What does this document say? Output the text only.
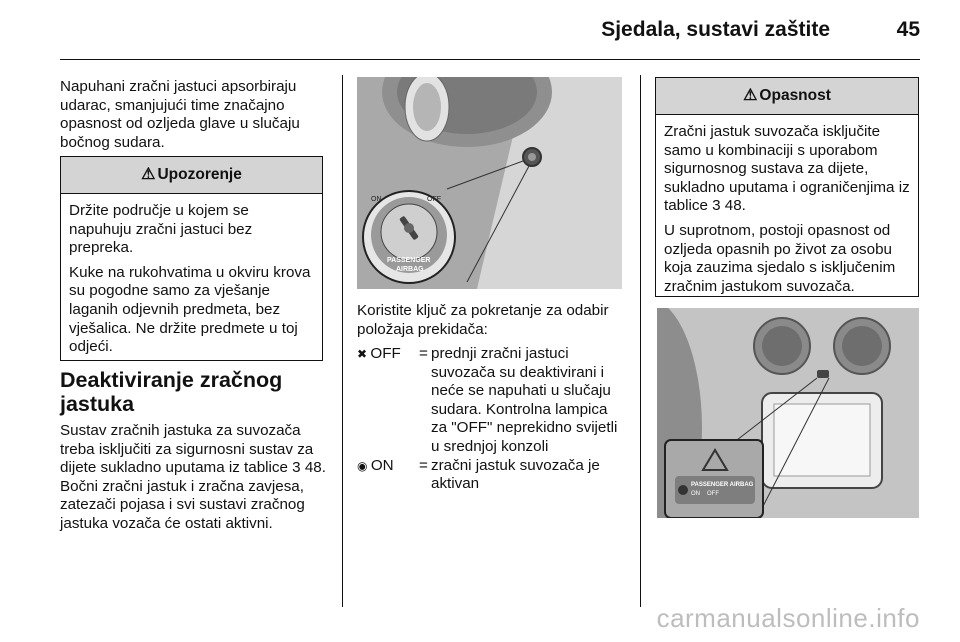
Sjedala, sustavi zaštite	45

Napuhani zračni jastuci apsorbiraju udarac, smanjujući time značajno opasnost od ozljeda glave u slučaju bočnog sudara.

⚠ Upozorenje

Držite područje u kojem se napuhuju zračni jastuci bez prepreka.

Kuke na rukohvatima u okviru krova su pogodne samo za vješanje laganih odjevnih predmeta, bez vješalica. Ne držite predmete u toj odjeći.

Deaktiviranje zračnog jastuka

Sustav zračnih jastuka za suvozača treba isključiti za sigurnosni sustav za dijete sukladno uputama iz tablice 3 48. Bočni zračni jastuk i zračna zavjesa, zatezači pojasa i svi sustavi zračnog jastuka vozača će ostati aktivni.

ON	OFF
PASSENGER
AIRBAG

Koristite ključ za pokretanje za odabir položaja prekidača:

✖︎ OFF	= prednji zračni jastuci suvozača su deaktivirani i neće se napuhati u slučaju sudara. Kontrolna lampica za "OFF" neprekidno svijetli u srednjoj konzoli
◉ ON	= zračni jastuk suvozača je aktivan
⚠ Opasnost

Zračni jastuk suvozača isključite samo u kombinaciji s uporabom sigurnosnog sustava za dijete, sukladno uputama i ograničenjima iz tablice 3 48.

U suprotnom, postoji opasnost od ozljeda opasnih po život za osobu koja zauzima sjedalo s isključenim zračnim jastukom suvozača.

PASSENGER AIRBAG
ON OFF
carmanualsonline.info
